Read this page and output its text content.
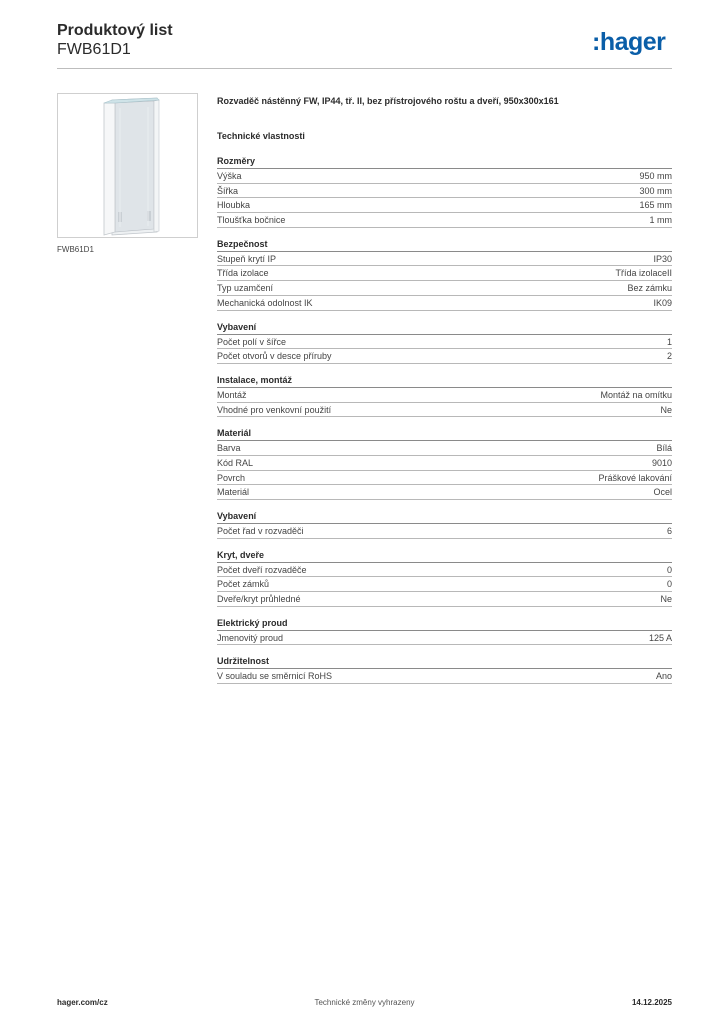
Produktový list
FWB61D1	:hager
FWB61D1
Rozvaděč nástěnný FW, IP44, tř. II, bez přístrojového roštu a dveří, 950x300x161
Technické vlastnosti
Rozměry
Výška	950 mm
Šířka	300 mm
Hloubka	165 mm
Tloušťka bočnice	1 mm
Bezpečnost
Stupeň krytí IP	IP30
Třída izolace	Třída izolaceII
Typ uzamčení	Bez zámku
Mechanická odolnost IK	IK09
Vybavení
Počet polí v šířce	1
Počet otvorů v desce příruby	2
Instalace, montáž
Montáž	Montáž na omítku
Vhodné pro venkovní použití	Ne
Materiál
Barva	Bílá
Kód RAL	9010
Povrch	Práškové lakování
Materiál	Ocel
Vybavení
Počet řad v rozvaděči	6
Kryt, dveře
Počet dveří rozvaděče	0
Počet zámků	0
Dveře/kryt průhledné	Ne
Elektrický proud
Jmenovitý proud	125 A
Udržitelnost
V souladu se směrnicí RoHS	Ano
hager.com/cz	Technické změny vyhrazeny	14.12.2025
